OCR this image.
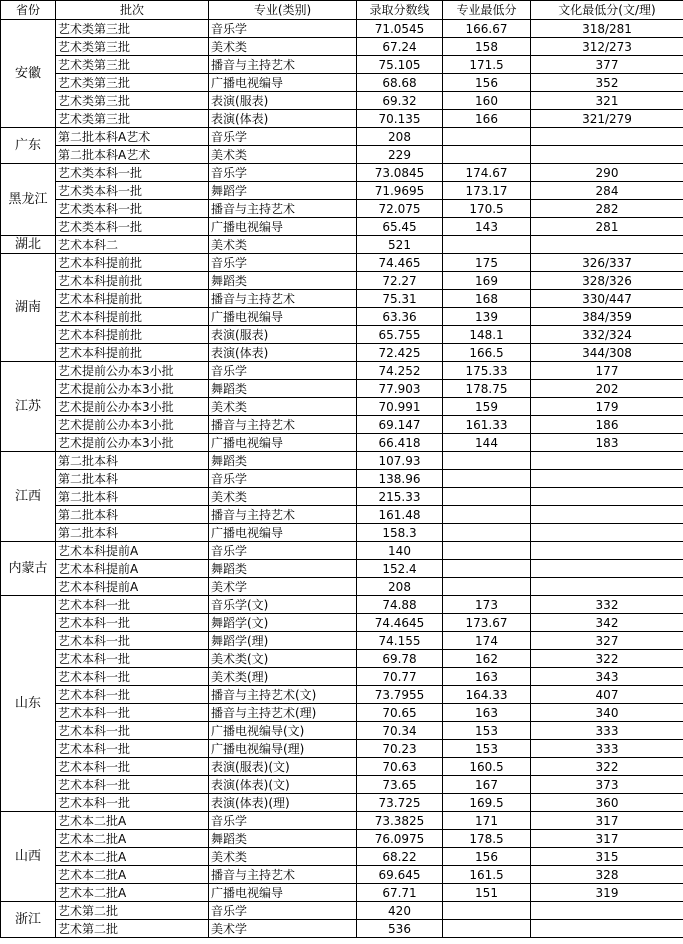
省份	批次	专业(类别)	录取分数线	专业最低分	文化最低分(文/理)
安徽	艺术类第三批	音乐学	71.0545	166.67	318/281
	艺术类第三批	美术类	67.24	158	312/273
	艺术类第三批	播音与主持艺术	75.105	171.5	377
	艺术类第三批	广播电视编导	68.68	156	352
	艺术类第三批	表演(服表)	69.32	160	321
	艺术类第三批	表演(体表)	70.135	166	321/279
广东	第二批本科A艺术	音乐学	208		
	第二批本科A艺术	美术类	229		
黑龙江	艺术类本科一批	音乐学	73.0845	174.67	290
	艺术类本科一批	舞蹈学	71.9695	173.17	284
	艺术类本科一批	播音与主持艺术	72.075	170.5	282
	艺术类本科一批	广播电视编导	65.45	143	281
湖北	艺术本科二	美术类	521		
湖南	艺术本科提前批	音乐学	74.465	175	326/337
	艺术本科提前批	舞蹈类	72.27	169	328/326
	艺术本科提前批	播音与主持艺术	75.31	168	330/447
	艺术本科提前批	广播电视编导	63.36	139	384/359
	艺术本科提前批	表演(服表)	65.755	148.1	332/324
	艺术本科提前批	表演(体表)	72.425	166.5	344/308
江苏	艺术提前公办本3小批	音乐学	74.252	175.33	177
	艺术提前公办本3小批	舞蹈类	77.903	178.75	202
	艺术提前公办本3小批	美术类	70.991	159	179
	艺术提前公办本3小批	播音与主持艺术	69.147	161.33	186
	艺术提前公办本3小批	广播电视编导	66.418	144	183
江西	第二批本科	舞蹈类	107.93		
	第二批本科	音乐学	138.96		
	第二批本科	美术类	215.33		
	第二批本科	播音与主持艺术	161.48		
	第二批本科	广播电视编导	158.3		
内蒙古	艺术本科提前A	音乐学	140		
	艺术本科提前A	舞蹈类	152.4		
	艺术本科提前A	美术学	208		
山东	艺术本科一批	音乐学(文)	74.88	173	332
	艺术本科一批	舞蹈学(文)	74.4645	173.67	342
	艺术本科一批	舞蹈学(理)	74.155	174	327
	艺术本科一批	美术类(文)	69.78	162	322
	艺术本科一批	美术类(理)	70.77	163	343
	艺术本科一批	播音与主持艺术(文)	73.7955	164.33	407
	艺术本科一批	播音与主持艺术(理)	70.65	163	340
	艺术本科一批	广播电视编导(文)	70.34	153	333
	艺术本科一批	广播电视编导(理)	70.23	153	333
	艺术本科一批	表演(服表)(文)	70.63	160.5	322
	艺术本科一批	表演(体表)(文)	73.65	167	373
	艺术本科一批	表演(体表)(理)	73.725	169.5	360
山西	艺术本二批A	音乐学	73.3825	171	317
	艺术本二批A	舞蹈类	76.0975	178.5	317
	艺术本二批A	美术类	68.22	156	315
	艺术本二批A	播音与主持艺术	69.645	161.5	328
	艺术本二批A	广播电视编导	67.71	151	319
浙江	艺术第二批	音乐学	420		
	艺术第二批	美术学	536		
